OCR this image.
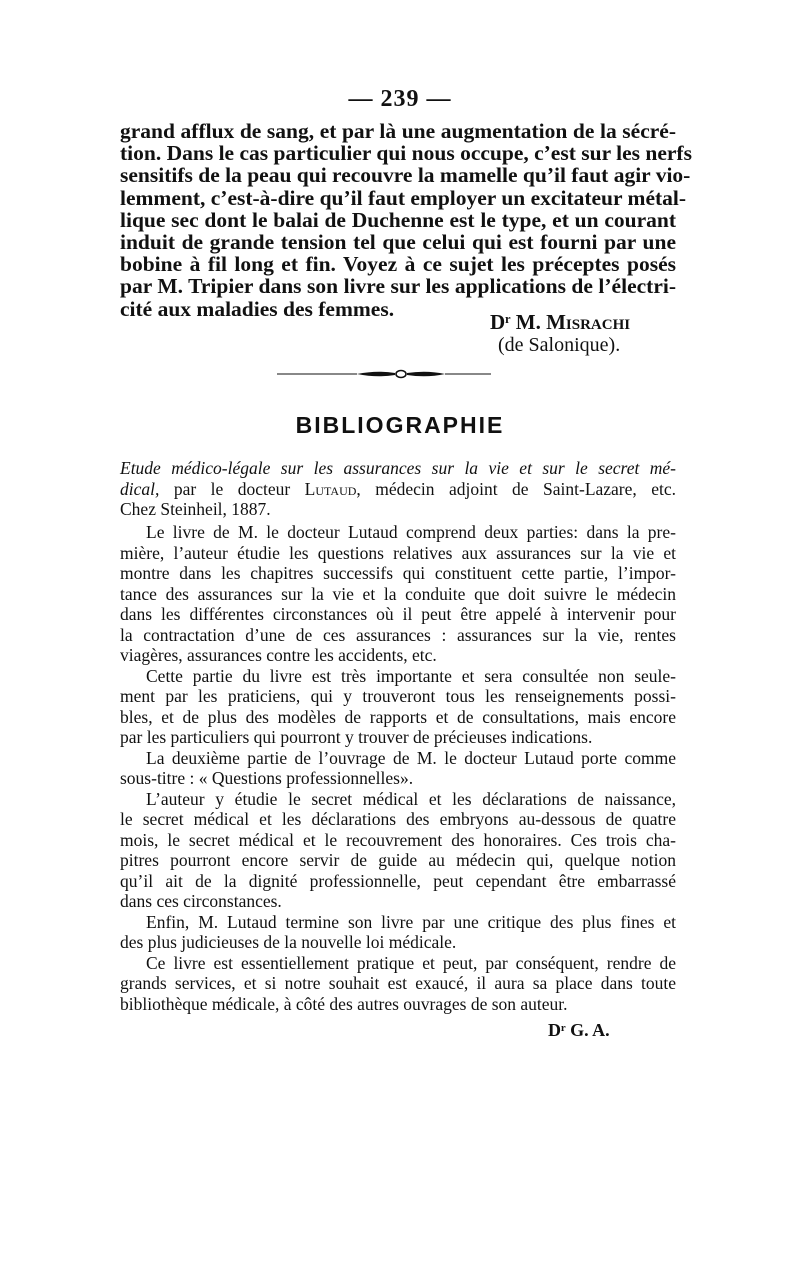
— 239 —
grand afflux de sang, et par là une augmentation de la sécré-
tion. Dans le cas particulier qui nous occupe, c’est sur les nerfs
sensitifs de la peau qui recouvre la mamelle qu’il faut agir vio-
lemment, c’est-à-dire qu’il faut employer un excitateur métal-
lique sec dont le balai de Duchenne est le type, et un courant
induit de grande tension tel que celui qui est fourni par une
bobine à fil long et fin. Voyez à ce sujet les préceptes posés
par M. Tripier dans son livre sur les applications de l’électri-
cité aux maladies des femmes.
Dʳ M. Misrachi
(de Salonique).
BIBLIOGRAPHIE
Etude médico-légale sur les assurances sur la vie et sur le secret mé-
dical, par le docteur Lutaud, médecin adjoint de Saint-Lazare, etc.
Chez Steinheil, 1887.
Le livre de M. le docteur Lutaud comprend deux parties: dans la pre-
mière, l’auteur étudie les questions relatives aux assurances sur la vie et
montre dans les chapitres successifs qui constituent cette partie, l’impor-
tance des assurances sur la vie et la conduite que doit suivre le médecin
dans les différentes circonstances où il peut être appelé à intervenir pour
la contractation d’une de ces assurances : assurances sur la vie, rentes
viagères, assurances contre les accidents, etc.
Cette partie du livre est très importante et sera consultée non seule-
ment par les praticiens, qui y trouveront tous les renseignements possi-
bles, et de plus des modèles de rapports et de consultations, mais encore
par les particuliers qui pourront y trouver de précieuses indications.
La deuxième partie de l’ouvrage de M. le docteur Lutaud porte comme
sous-titre : « Questions professionnelles».
L’auteur y étudie le secret médical et les déclarations de naissance,
le secret médical et les déclarations des embryons au-dessous de quatre
mois, le secret médical et le recouvrement des honoraires. Ces trois cha-
pitres pourront encore servir de guide au médecin qui, quelque notion
qu’il ait de la dignité professionnelle, peut cependant être embarrassé
dans ces circonstances.
Enfin, M. Lutaud termine son livre par une critique des plus fines et
des plus judicieuses de la nouvelle loi médicale.
Ce livre est essentiellement pratique et peut, par conséquent, rendre de
grands services, et si notre souhait est exaucé, il aura sa place dans toute
bibliothèque médicale, à côté des autres ouvrages de son auteur.
Dʳ G. A.
